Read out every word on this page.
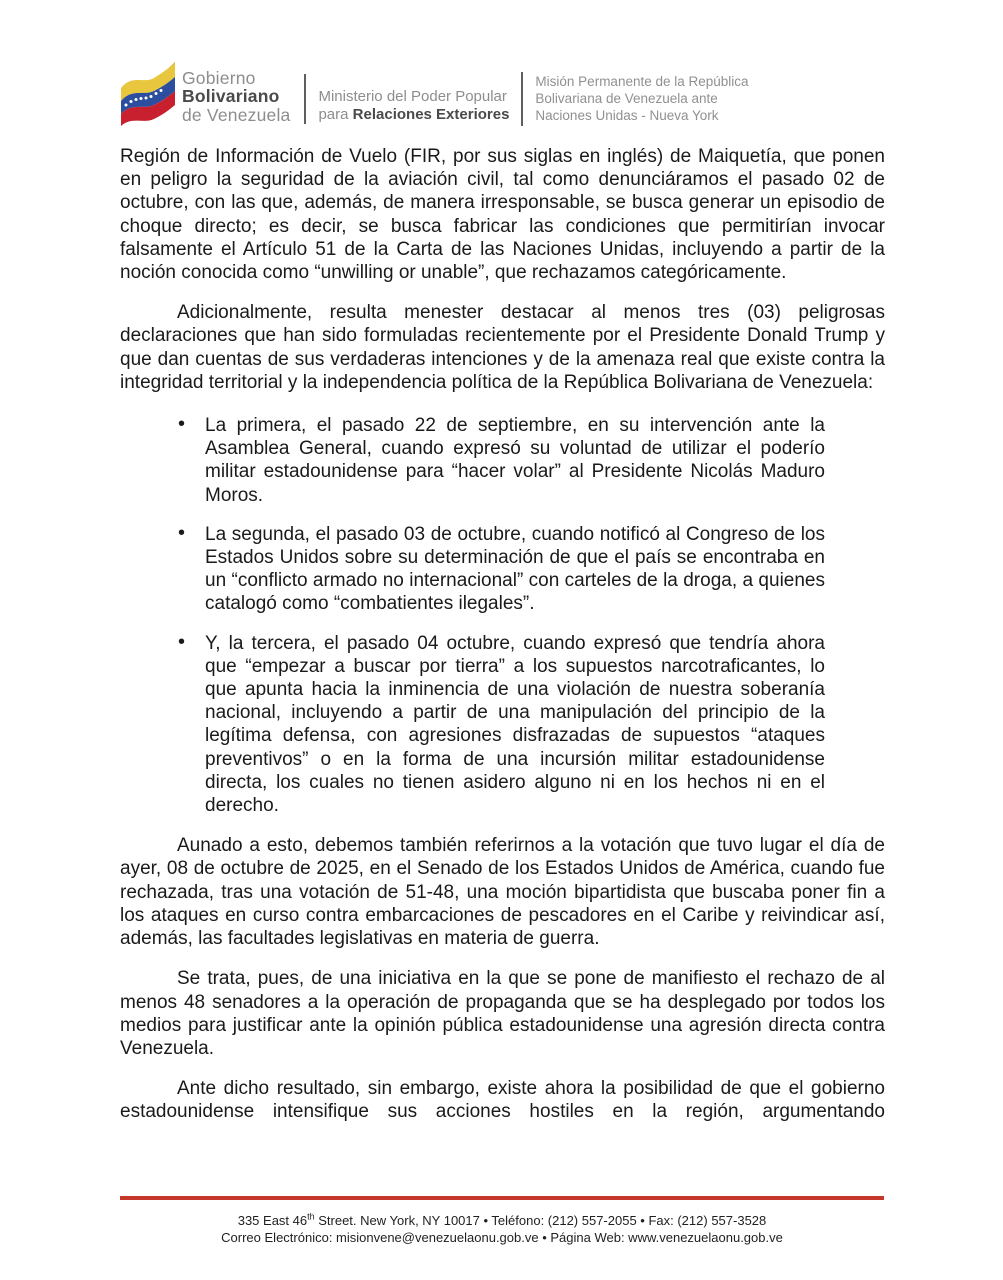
Gobierno
Bolivariano
de Venezuela
Ministerio del Poder Popular
para Relaciones Exteriores
Misión Permanente de la República
Bolivariana de Venezuela ante
Naciones Unidas - Nueva York

Región de Información de Vuelo (FIR, por sus siglas en inglés) de Maiquetía, que ponen en peligro la seguridad de la aviación civil, tal como denunciáramos el pasado 02 de octubre, con las que, además, de manera irresponsable, se busca generar un episodio de choque directo; es decir, se busca fabricar las condiciones que permitirían invocar falsamente el Artículo 51 de la Carta de las Naciones Unidas, incluyendo a partir de la noción conocida como “unwilling or unable”, que rechazamos categóricamente.

Adicionalmente, resulta menester destacar al menos tres (03) peligrosas declaraciones que han sido formuladas recientemente por el Presidente Donald Trump y que dan cuentas de sus verdaderas intenciones y de la amenaza real que existe contra la integridad territorial y la independencia política de la República Bolivariana de Venezuela:

• La primera, el pasado 22 de septiembre, en su intervención ante la Asamblea General, cuando expresó su voluntad de utilizar el poderío militar estadounidense para “hacer volar” al Presidente Nicolás Maduro Moros.
• La segunda, el pasado 03 de octubre, cuando notificó al Congreso de los Estados Unidos sobre su determinación de que el país se encontraba en un “conflicto armado no internacional” con carteles de la droga, a quienes catalogó como “combatientes ilegales”.
• Y, la tercera, el pasado 04 octubre, cuando expresó que tendría ahora que “empezar a buscar por tierra” a los supuestos narcotraficantes, lo que apunta hacia la inminencia de una violación de nuestra soberanía nacional, incluyendo a partir de una manipulación del principio de la legítima defensa, con agresiones disfrazadas de supuestos “ataques preventivos” o en la forma de una incursión militar estadounidense directa, los cuales no tienen asidero alguno ni en los hechos ni en el derecho.

Aunado a esto, debemos también referirnos a la votación que tuvo lugar el día de ayer, 08 de octubre de 2025, en el Senado de los Estados Unidos de América, cuando fue rechazada, tras una votación de 51-48, una moción bipartidista que buscaba poner fin a los ataques en curso contra embarcaciones de pescadores en el Caribe y reivindicar así, además, las facultades legislativas en materia de guerra.

Se trata, pues, de una iniciativa en la que se pone de manifiesto el rechazo de al menos 48 senadores a la operación de propaganda que se ha desplegado por todos los medios para justificar ante la opinión pública estadounidense una agresión directa contra Venezuela.

Ante dicho resultado, sin embargo, existe ahora la posibilidad de que el gobierno estadounidense intensifique sus acciones hostiles en la región, argumentando

335 East 46th Street. New York, NY 10017 • Teléfono: (212) 557-2055 • Fax: (212) 557-3528
Correo Electrónico: misionvene@venezuelaonu.gob.ve • Página Web: www.venezuelaonu.gob.ve
